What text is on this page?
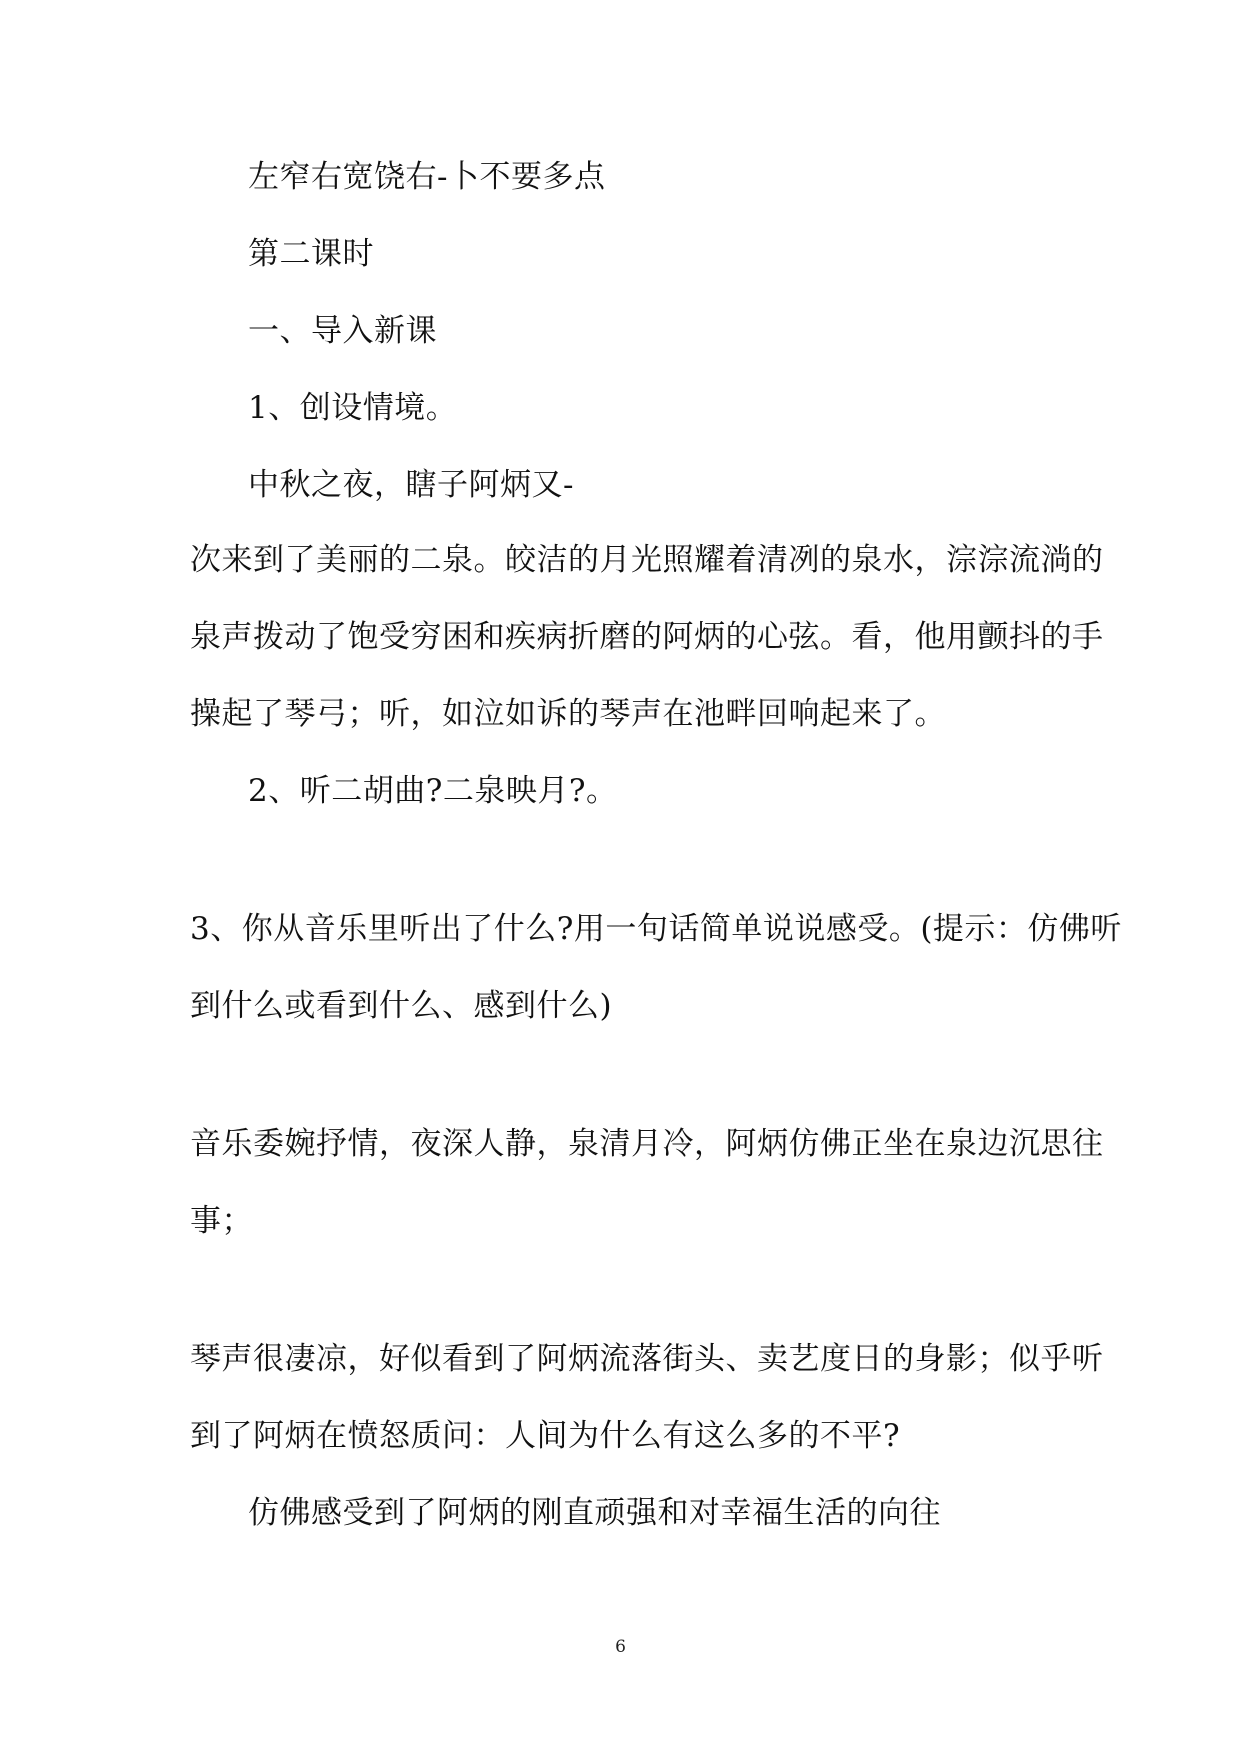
左窄右宽饶右-卜不要多点
第二课时
一、导入新课
1、创设情境。
中秋之夜，瞎子阿炳又-
次来到了美丽的二泉。皎洁的月光照耀着清冽的泉水，淙淙流淌的
泉声拨动了饱受穷困和疾病折磨的阿炳的心弦。看，他用颤抖的手
操起了琴弓；听，如泣如诉的琴声在池畔回响起来了。
2、听二胡曲?二泉映月?。
3、你从音乐里听出了什么?用一句话简单说说感受。(提示：仿佛听
到什么或看到什么、感到什么)
音乐委婉抒情，夜深人静，泉清月冷，阿炳仿佛正坐在泉边沉思往
事；
琴声很凄凉，好似看到了阿炳流落街头、卖艺度日的身影；似乎听
到了阿炳在愤怒质问：人间为什么有这么多的不平?
仿佛感受到了阿炳的刚直顽强和对幸福生活的向往
6
